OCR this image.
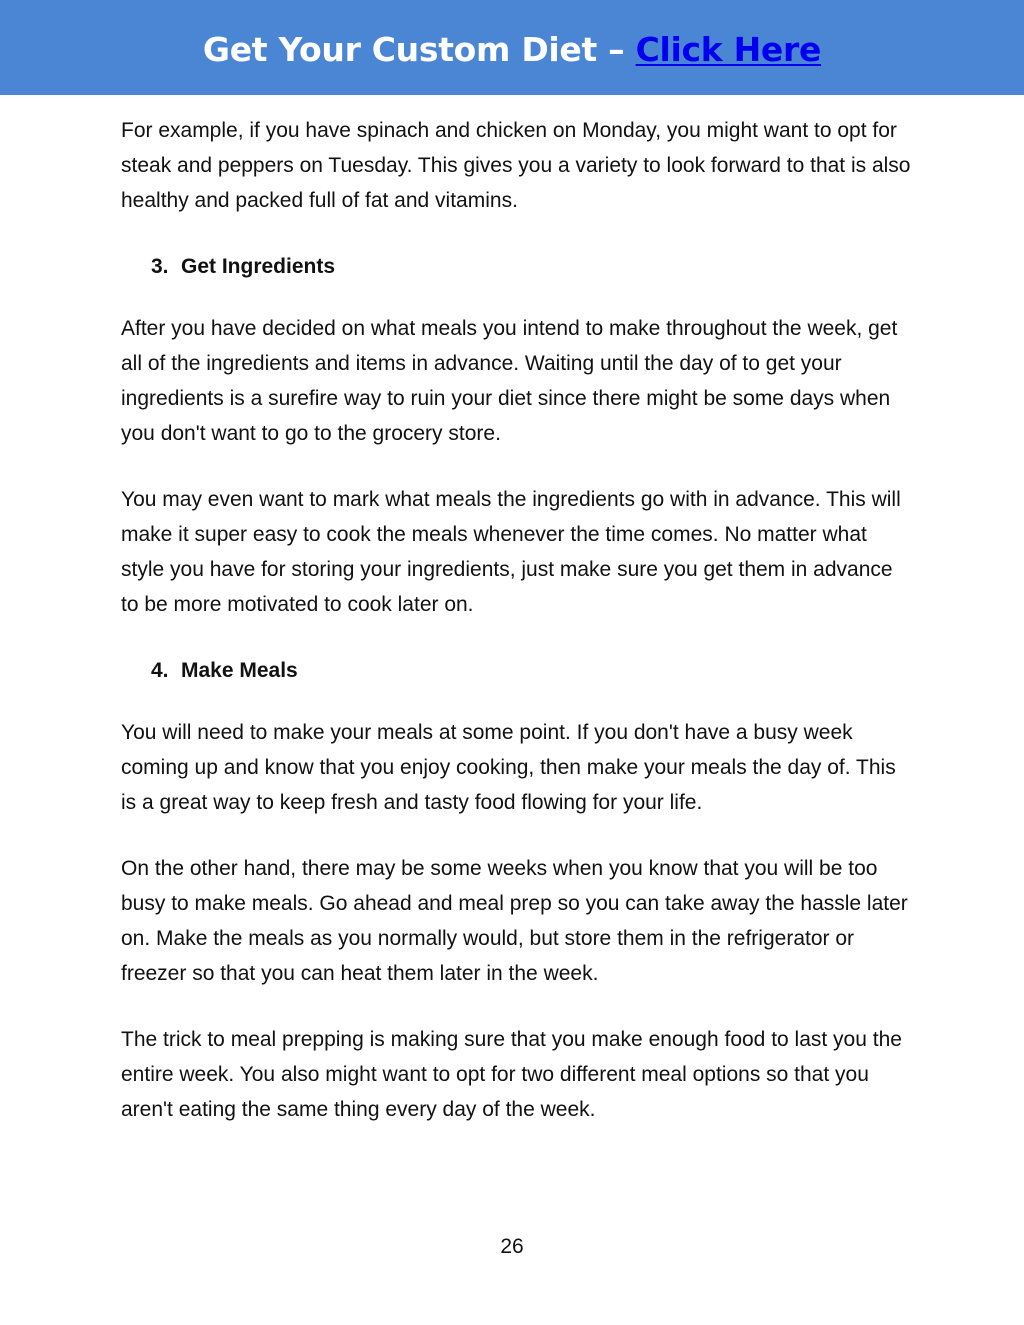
Get Your Custom Diet – Click Here

For example, if you have spinach and chicken on Monday, you might want to opt for steak and peppers on Tuesday. This gives you a variety to look forward to that is also healthy and packed full of fat and vitamins.

3. Get Ingredients

After you have decided on what meals you intend to make throughout the week, get all of the ingredients and items in advance. Waiting until the day of to get your ingredients is a surefire way to ruin your diet since there might be some days when you don't want to go to the grocery store.

You may even want to mark what meals the ingredients go with in advance. This will make it super easy to cook the meals whenever the time comes. No matter what style you have for storing your ingredients, just make sure you get them in advance to be more motivated to cook later on.

4. Make Meals

You will need to make your meals at some point. If you don't have a busy week coming up and know that you enjoy cooking, then make your meals the day of. This is a great way to keep fresh and tasty food flowing for your life.

On the other hand, there may be some weeks when you know that you will be too busy to make meals. Go ahead and meal prep so you can take away the hassle later on. Make the meals as you normally would, but store them in the refrigerator or freezer so that you can heat them later in the week.

The trick to meal prepping is making sure that you make enough food to last you the entire week. You also might want to opt for two different meal options so that you aren't eating the same thing every day of the week.

26
